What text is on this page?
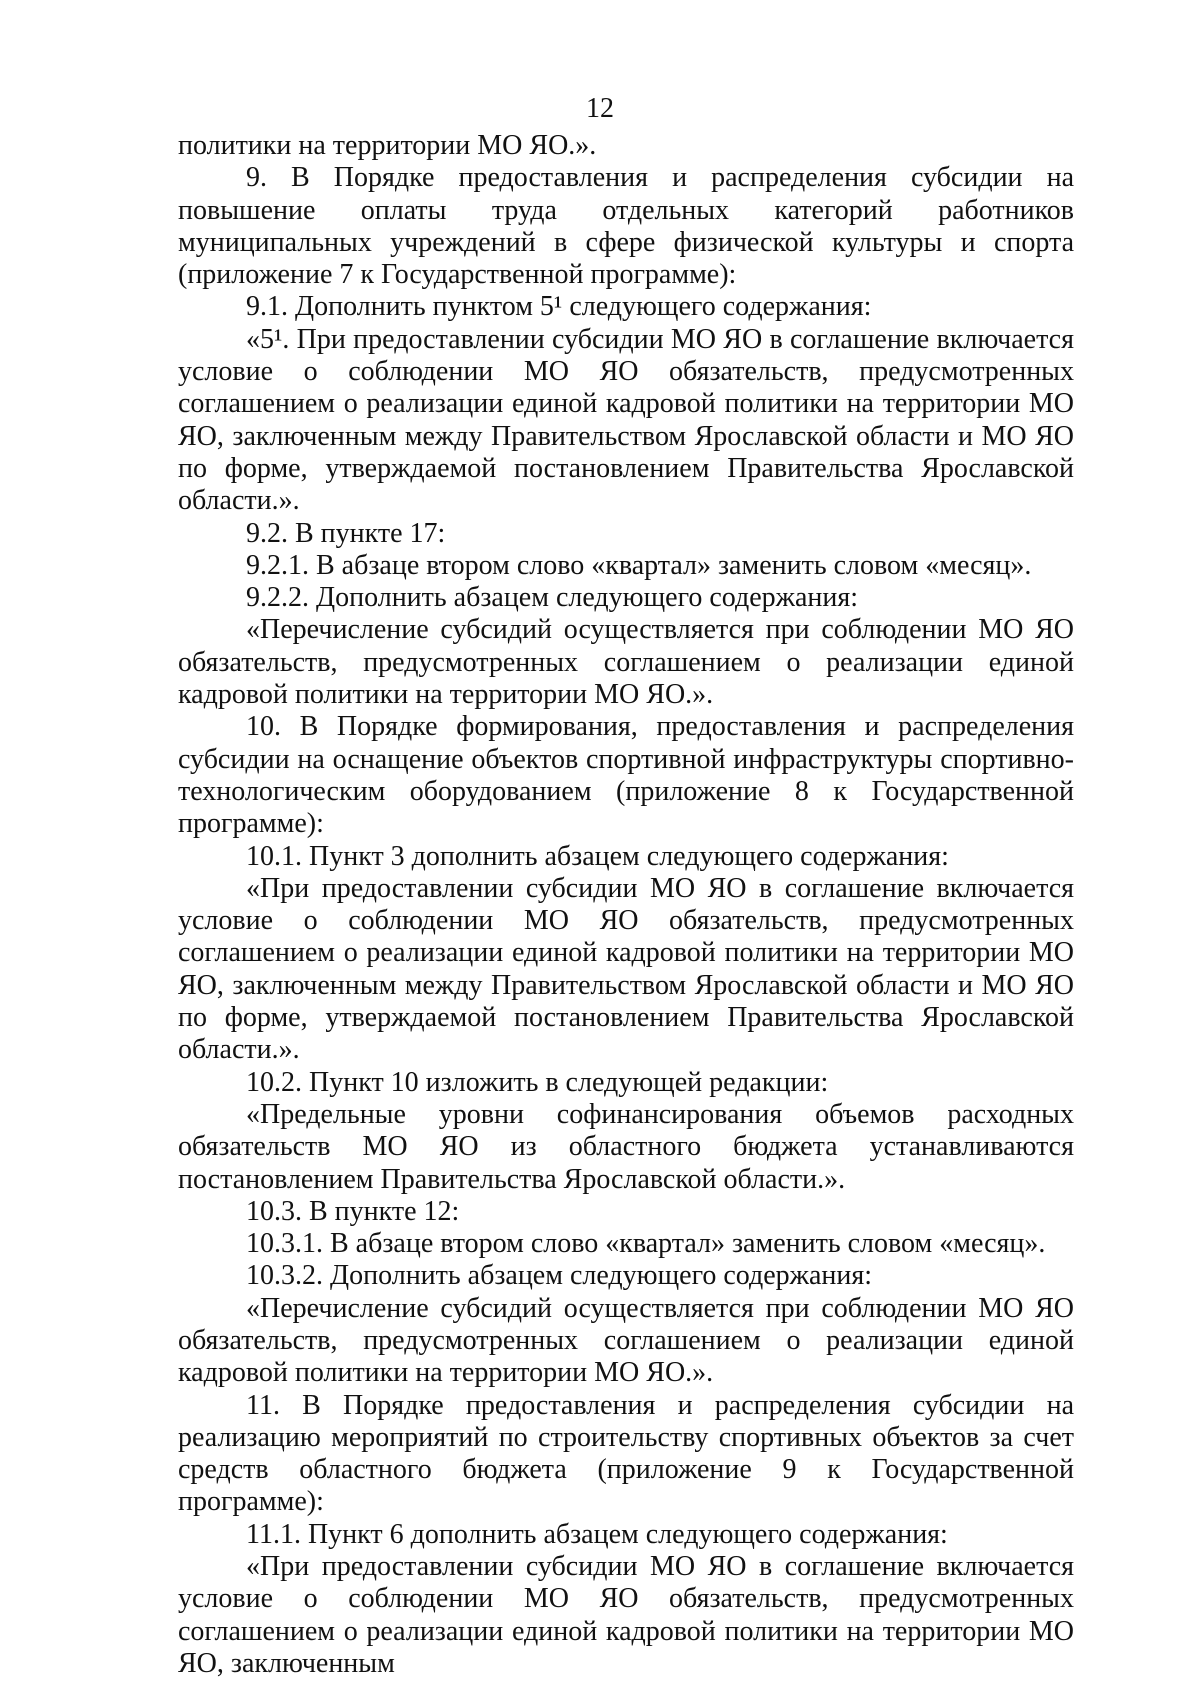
12

политики на территории МО ЯО.».

9. В Порядке предоставления и распределения субсидии на повышение оплаты труда отдельных категорий работников муниципальных учреждений в сфере физической культуры и спорта (приложение 7 к Государственной программе):

9.1. Дополнить пунктом 5¹ следующего содержания:

«5¹. При предоставлении субсидии МО ЯО в соглашение включается условие о соблюдении МО ЯО обязательств, предусмотренных соглашением о реализации единой кадровой политики на территории МО ЯО, заключенным между Правительством Ярославской области и МО ЯО по форме, утверждаемой постановлением Правительства Ярославской области.».

9.2. В пункте 17:

9.2.1. В абзаце втором слово «квартал» заменить словом «месяц».

9.2.2. Дополнить абзацем следующего содержания:

«Перечисление субсидий осуществляется при соблюдении МО ЯО обязательств, предусмотренных соглашением о реализации единой кадровой политики на территории МО ЯО.».

10. В Порядке формирования, предоставления и распределения субсидии на оснащение объектов спортивной инфраструктуры спортивно-технологическим оборудованием (приложение 8 к Государственной программе):

10.1. Пункт 3 дополнить абзацем следующего содержания:

«При предоставлении субсидии МО ЯО в соглашение включается условие о соблюдении МО ЯО обязательств, предусмотренных соглашением о реализации единой кадровой политики на территории МО ЯО, заключенным между Правительством Ярославской области и МО ЯО по форме, утверждаемой постановлением Правительства Ярославской области.».

10.2. Пункт 10 изложить в следующей редакции:

«Предельные уровни софинансирования объемов расходных обязательств МО ЯО из областного бюджета устанавливаются постановлением Правительства Ярославской области.».

10.3. В пункте 12:

10.3.1. В абзаце втором слово «квартал» заменить словом «месяц».

10.3.2. Дополнить абзацем следующего содержания:

«Перечисление субсидий осуществляется при соблюдении МО ЯО обязательств, предусмотренных соглашением о реализации единой кадровой политики на территории МО ЯО.».

11. В Порядке предоставления и распределения субсидии на реализацию мероприятий по строительству спортивных объектов за счет средств областного бюджета (приложение 9 к Государственной программе):

11.1. Пункт 6 дополнить абзацем следующего содержания:

«При предоставлении субсидии МО ЯО в соглашение включается условие о соблюдении МО ЯО обязательств, предусмотренных соглашением о реализации единой кадровой политики на территории МО ЯО, заключенным
